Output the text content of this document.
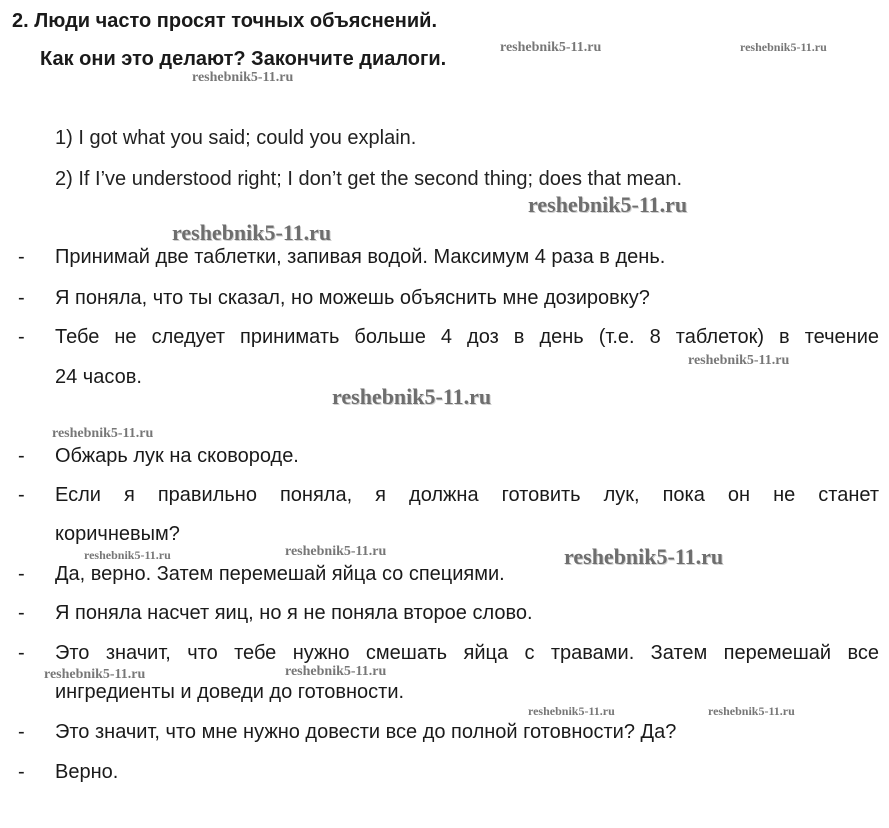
2. Люди часто просят точных объяснений.
Как они это делают? Закончите диалоги.
1) I got what you said; could you explain.
2) If I’ve understood right; I don’t get the second thing; does that mean.
- Принимай две таблетки, запивая водой. Максимум 4 раза в день.
- Я поняла, что ты сказал, но можешь объяснить мне дозировку?
- Тебе не следует принимать больше 4 доз в день (т.е. 8 таблеток) в течение
24 часов.
- Обжарь лук на сковороде.
- Если я правильно поняла, я должна готовить лук, пока он не станет
коричневым?
- Да, верно. Затем перемешай яйца со специями.
- Я поняла насчет яиц, но я не поняла второе слово.
- Это значит, что тебе нужно смешать яйца с травами. Затем перемешай все
ингредиенты и доведи до готовности.
- Это значит, что мне нужно довести все до полной готовности? Да?
- Верно.
reshebnik5-11.ru	reshebnik5-11.ru
reshebnik5-11.ru
reshebnik5-11.ru
reshebnik5-11.ru
reshebnik5-11.ru
reshebnik5-11.ru
reshebnik5-11.ru
reshebnik5-11.ru	reshebnik5-11.ru	reshebnik5-11.ru
reshebnik5-11.ru	reshebnik5-11.ru
reshebnik5-11.ru	reshebnik5-11.ru
